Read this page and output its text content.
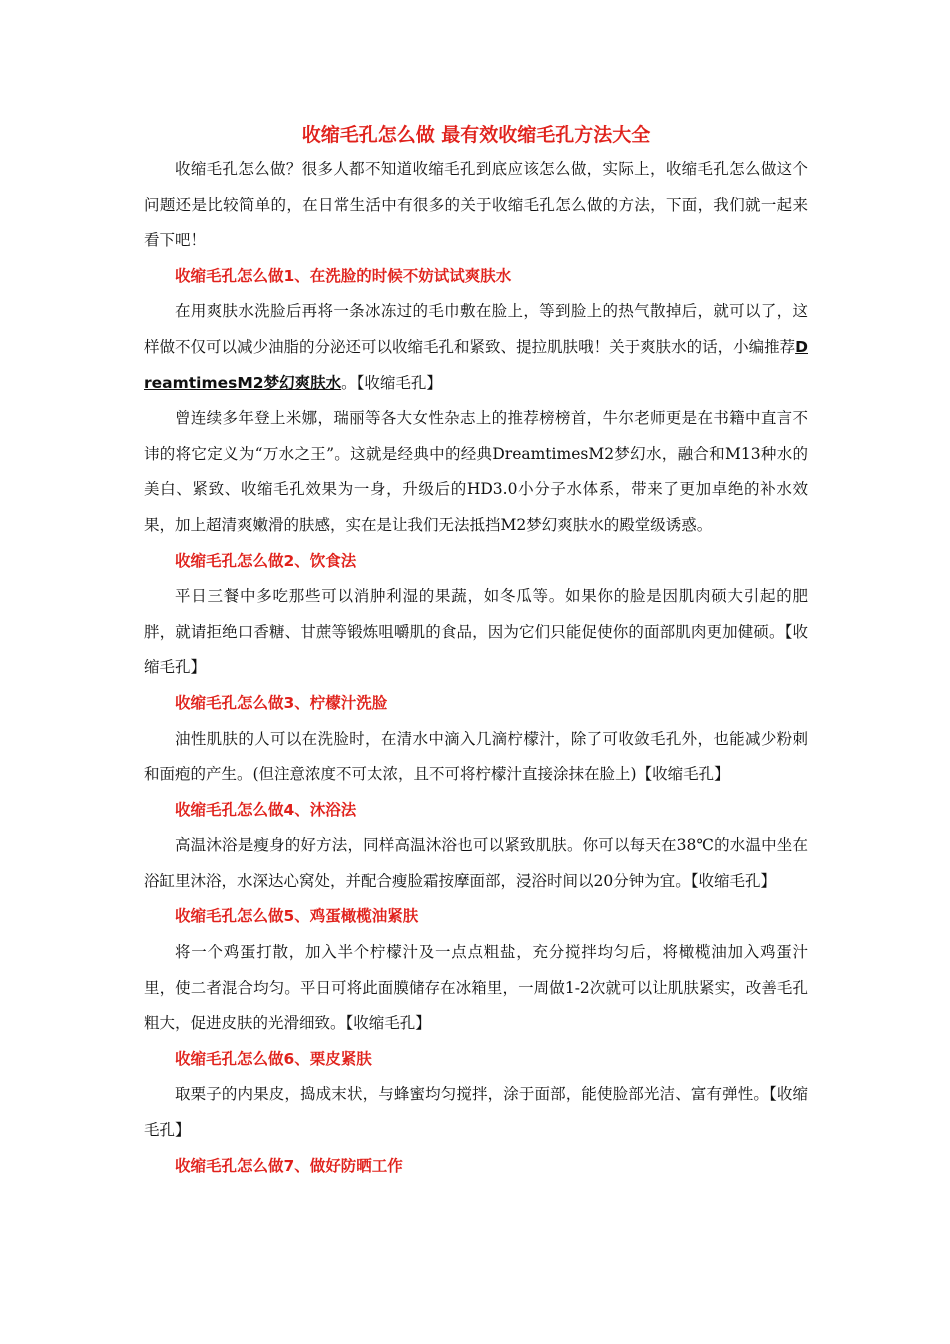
收缩毛孔怎么做 最有效收缩毛孔方法大全

收缩毛孔怎么做？很多人都不知道收缩毛孔到底应该怎么做，实际上，收缩毛孔怎么做这个问题还是比较简单的，在日常生活中有很多的关于收缩毛孔怎么做的方法，下面，我们就一起来看下吧！

收缩毛孔怎么做1、在洗脸的时候不妨试试爽肤水

在用爽肤水洗脸后再将一条冰冻过的毛巾敷在脸上，等到脸上的热气散掉后，就可以了，这样做不仅可以减少油脂的分泌还可以收缩毛孔和紧致、提拉肌肤哦！关于爽肤水的话，小编推荐DreamtimesM2梦幻爽肤水。【收缩毛孔】

曾连续多年登上米娜，瑞丽等各大女性杂志上的推荐榜榜首，牛尔老师更是在书籍中直言不讳的将它定义为“万水之王”。这就是经典中的经典DreamtimesM2梦幻水，融合和M13种水的美白、紧致、收缩毛孔效果为一身，升级后的HD3.0小分子水体系，带来了更加卓绝的补水效果，加上超清爽嫩滑的肤感，实在是让我们无法抵挡M2梦幻爽肤水的殿堂级诱惑。

收缩毛孔怎么做2、饮食法

平日三餐中多吃那些可以消肿利湿的果蔬，如冬瓜等。如果你的脸是因肌肉硕大引起的肥胖，就请拒绝口香糖、甘蔗等锻炼咀嚼肌的食品，因为它们只能促使你的面部肌肉更加健硕。【收缩毛孔】

收缩毛孔怎么做3、柠檬汁洗脸

油性肌肤的人可以在洗脸时，在清水中滴入几滴柠檬汁，除了可收敛毛孔外，也能减少粉刺和面疱的产生。(但注意浓度不可太浓，且不可将柠檬汁直接涂抹在脸上)【收缩毛孔】

收缩毛孔怎么做4、沐浴法

高温沐浴是瘦身的好方法，同样高温沐浴也可以紧致肌肤。你可以每天在38℃的水温中坐在浴缸里沐浴，水深达心窝处，并配合瘦脸霜按摩面部，浸浴时间以20分钟为宜。【收缩毛孔】

收缩毛孔怎么做5、鸡蛋橄榄油紧肤

将一个鸡蛋打散，加入半个柠檬汁及一点点粗盐，充分搅拌均匀后，将橄榄油加入鸡蛋汁里，使二者混合均匀。平日可将此面膜储存在冰箱里，一周做1-2次就可以让肌肤紧实，改善毛孔粗大，促进皮肤的光滑细致。【收缩毛孔】

收缩毛孔怎么做6、栗皮紧肤

取栗子的内果皮，捣成末状，与蜂蜜均匀搅拌，涂于面部，能使脸部光洁、富有弹性。【收缩毛孔】

收缩毛孔怎么做7、做好防晒工作
